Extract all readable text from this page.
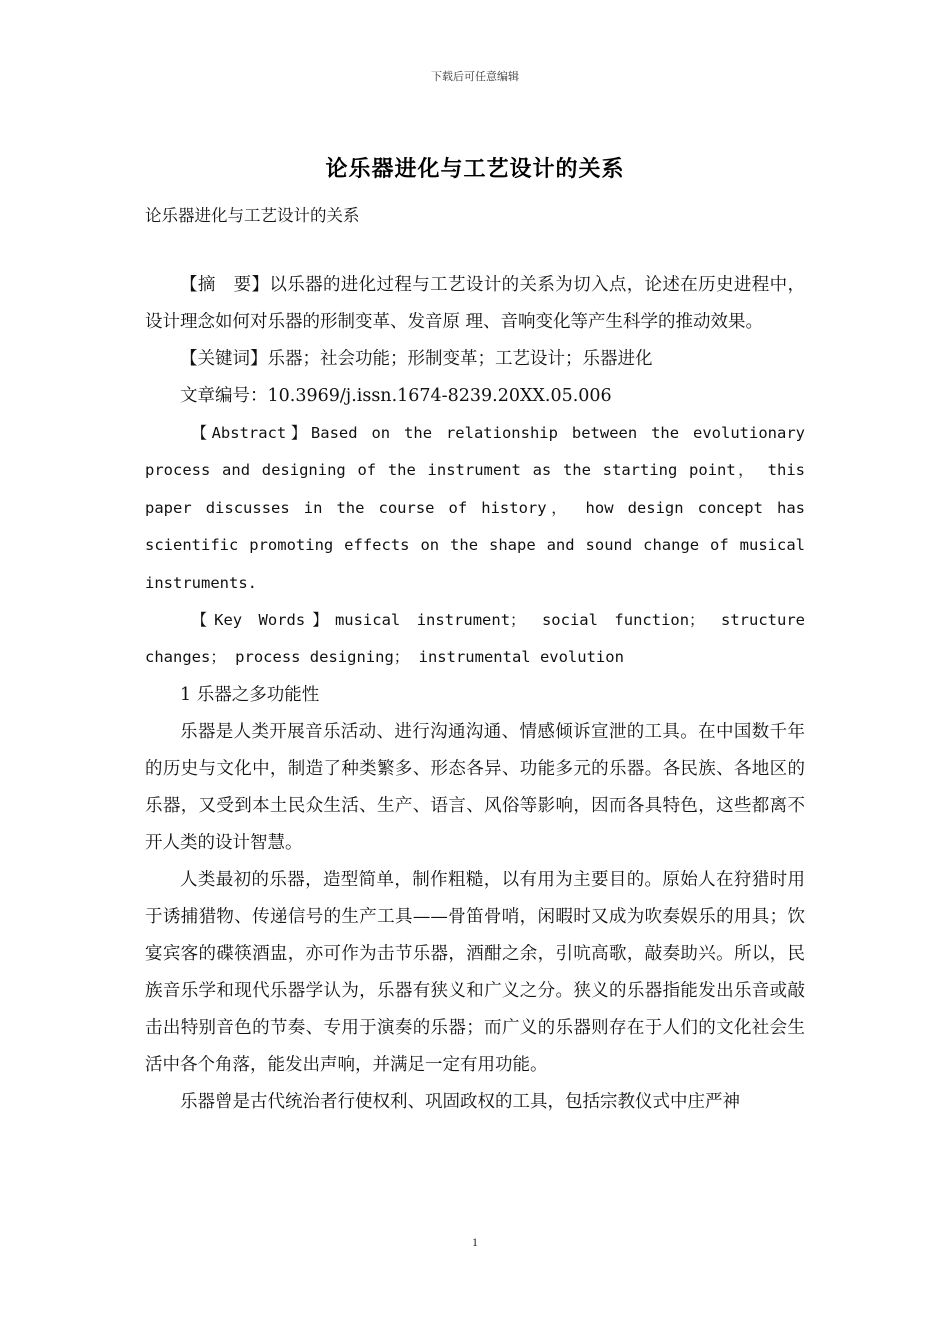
下载后可任意编辑
论乐器进化与工艺设计的关系
论乐器进化与工艺设计的关系

【摘　要】以乐器的进化过程与工艺设计的关系为切入点，论述在历史进程中，设计理念如何对乐器的形制变革、发音原 理、音响变化等产生科学的推动效果。

【关键词】乐器；社会功能；形制变革；工艺设计；乐器进化

文章编号：10.3969/j.issn.1674-8239.20XX.05.006

【Abstract】Based on the relationship between the evolutionary process and designing of the instrument as the starting point， this paper discusses in the course of history， how design concept has scientific promoting effects on the shape and sound change of musical instruments.

【Key Words】musical instrument； social function； structure changes； process designing； instrumental evolution

1 乐器之多功能性

乐器是人类开展音乐活动、进行沟通沟通、情感倾诉宣泄的工具。在中国数千年的历史与文化中，制造了种类繁多、形态各异、功能多元的乐器。各民族、各地区的乐器，又受到本土民众生活、生产、语言、风俗等影响，因而各具特色，这些都离不开人类的设计智慧。

人类最初的乐器，造型简单，制作粗糙，以有用为主要目的。原始人在狩猎时用于诱捕猎物、传递信号的生产工具——骨笛骨哨，闲暇时又成为吹奏娱乐的用具；饮宴宾客的碟筷酒盅，亦可作为击节乐器，酒酣之余，引吭高歌，敲奏助兴。所以，民族音乐学和现代乐器学认为，乐器有狭义和广义之分。狭义的乐器指能发出乐音或敲击出特别音色的节奏、专用于演奏的乐器；而广义的乐器则存在于人们的文化社会生活中各个角落，能发出声响，并满足一定有用功能。

乐器曾是古代统治者行使权利、巩固政权的工具，包括宗教仪式中庄严神

1
